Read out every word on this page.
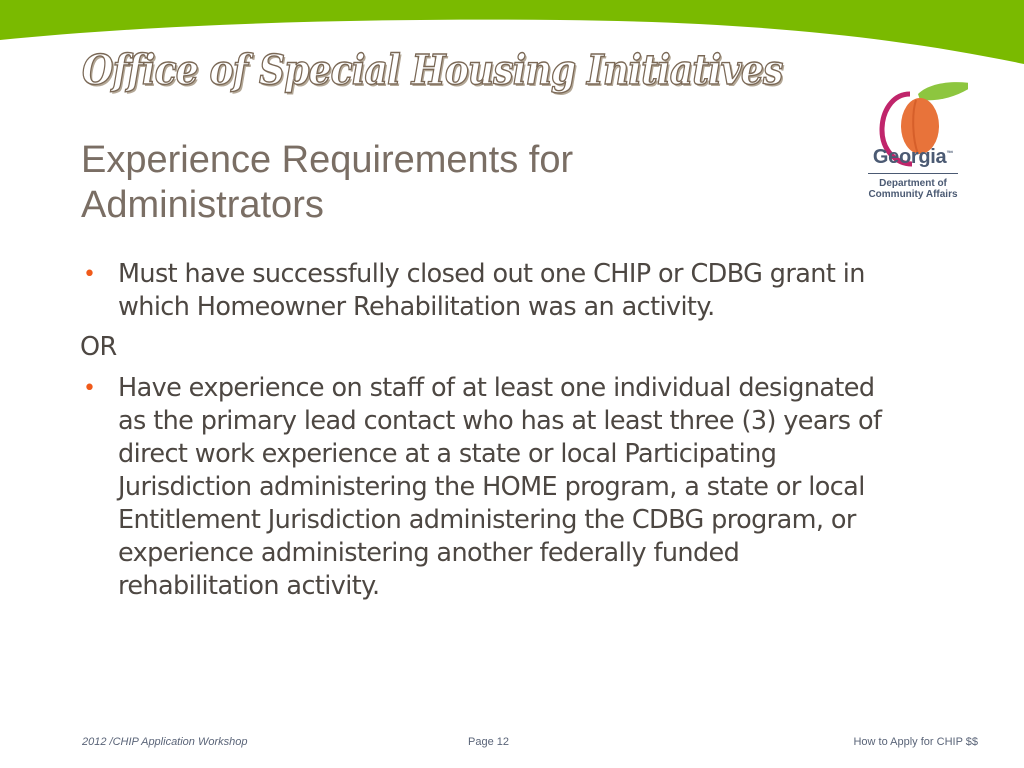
Office of Special Housing Initiatives
Georgia™
Department of
Community Affairs
Experience Requirements for
Administrators
• Must have successfully closed out one CHIP or CDBG grant in which Homeowner Rehabilitation was an activity.
OR
• Have experience on staff of at least one individual designated as the primary lead contact who has at least three (3) years of direct work experience at a state or local Participating Jurisdiction administering the HOME program, a state or local Entitlement Jurisdiction administering the CDBG program, or experience administering another federally funded rehabilitation activity.
2012 /CHIP Application Workshop	Page 12	How to Apply for CHIP $$
